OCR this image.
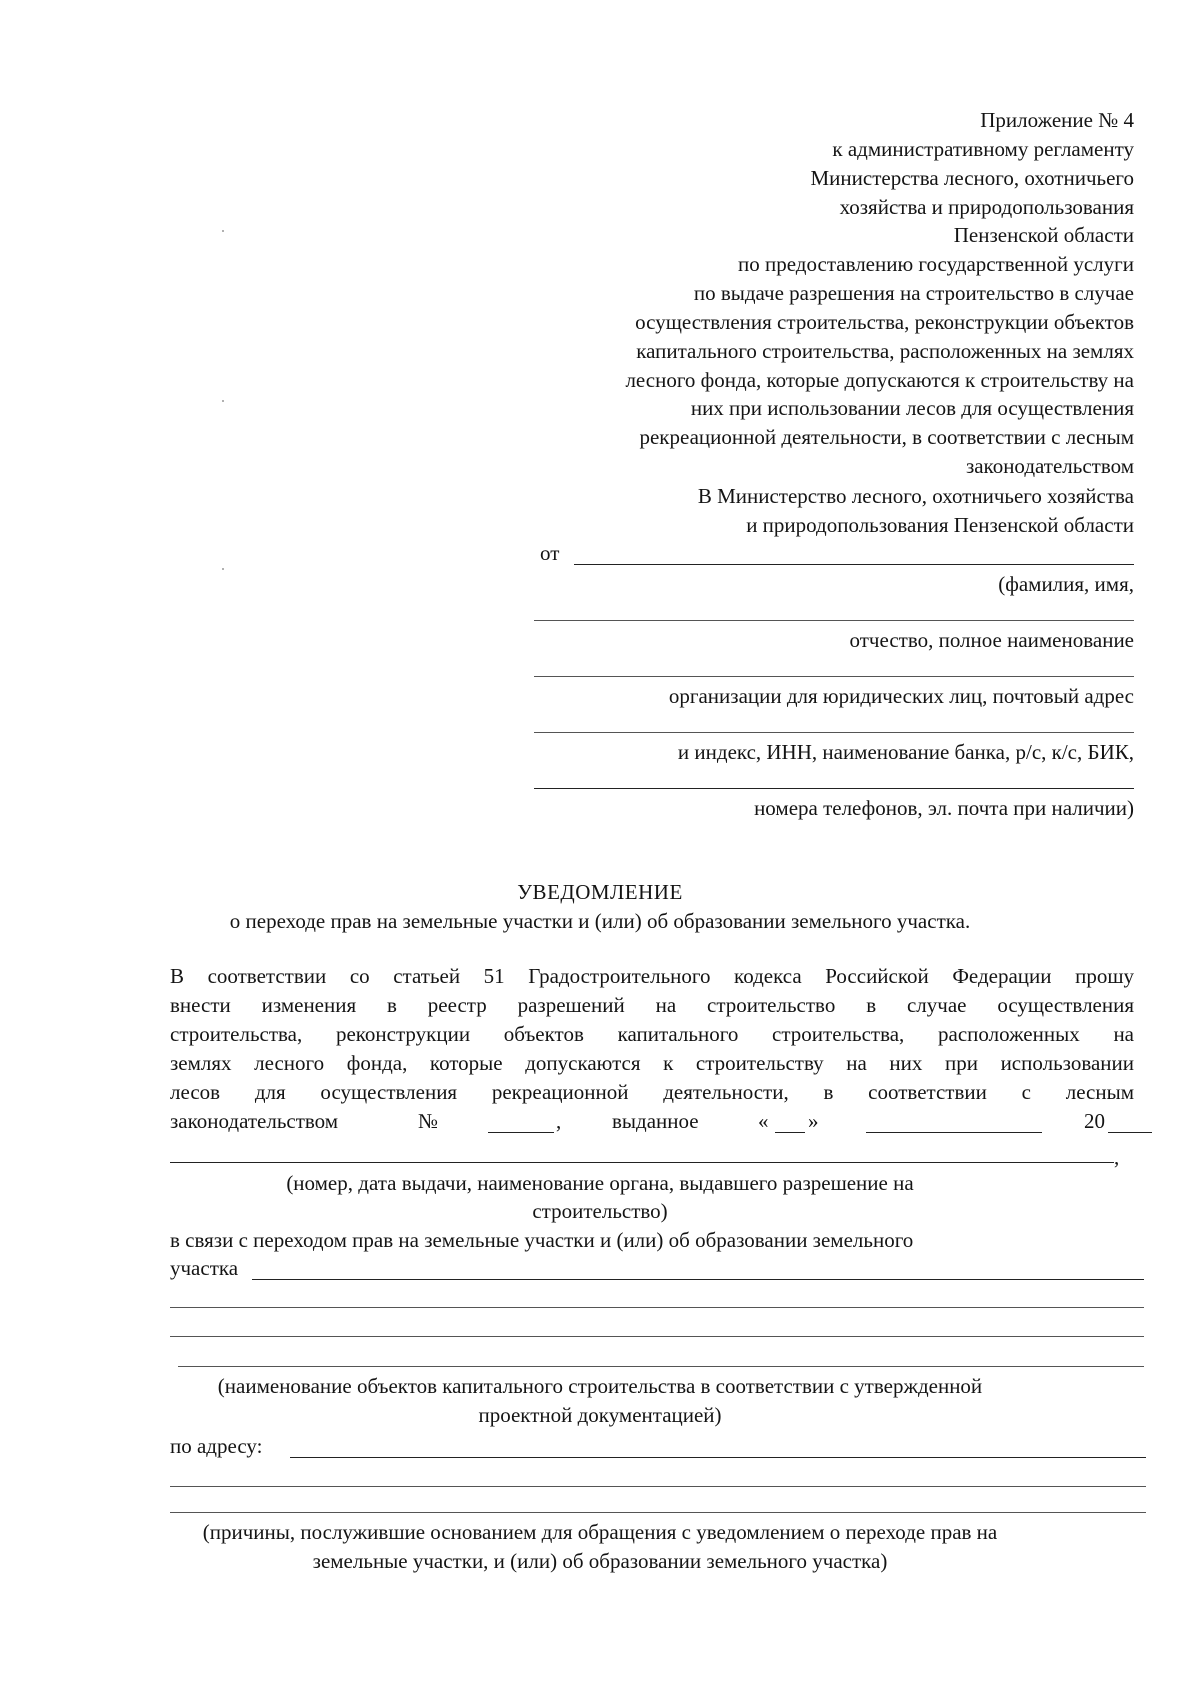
Приложение № 4
к административному регламенту
Министерства лесного, охотничьего
хозяйства и природопользования
Пензенской области
по предоставлению государственной услуги
по выдаче разрешения на строительство в случае
осуществления строительства, реконструкции объектов
капитального строительства, расположенных на землях
лесного фонда, которые допускаются к строительству на
них при использовании лесов для осуществления
рекреационной деятельности, в соответствии с лесным
законодательством
В Министерство лесного, охотничьего хозяйства
и природопользования Пензенской области
от
(фамилия, имя,
отчество, полное наименование
организации для юридических лиц, почтовый адрес
и индекс, ИНН, наименование банка, р/с, к/с, БИК,
номера телефонов, эл. почта при наличии)
УВЕДОМЛЕНИЕ
о переходе прав на земельные участки и (или) об образовании земельного участка.
В соответствии со статьей 51 Градостроительного кодекса Российской Федерации прошу
внести изменения в реестр разрешений на строительство в случае осуществления
строительства, реконструкции объектов капитального строительства, расположенных на
землях лесного фонда, которые допускаются к строительству на них при использовании
лесов для осуществления рекреационной деятельности, в соответствии с лесным
законодательством	№	, выданное	« »	20
,
(номер, дата выдачи, наименование органа, выдавшего разрешение на
строительство)
в связи с переходом прав на земельные участки и (или) об образовании земельного
участка
(наименование объектов капитального строительства в соответствии с утвержденной
проектной документацией)
по адресу:
(причины, послужившие основанием для обращения с уведомлением о переходе прав на
земельные участки, и (или) об образовании земельного участка)
